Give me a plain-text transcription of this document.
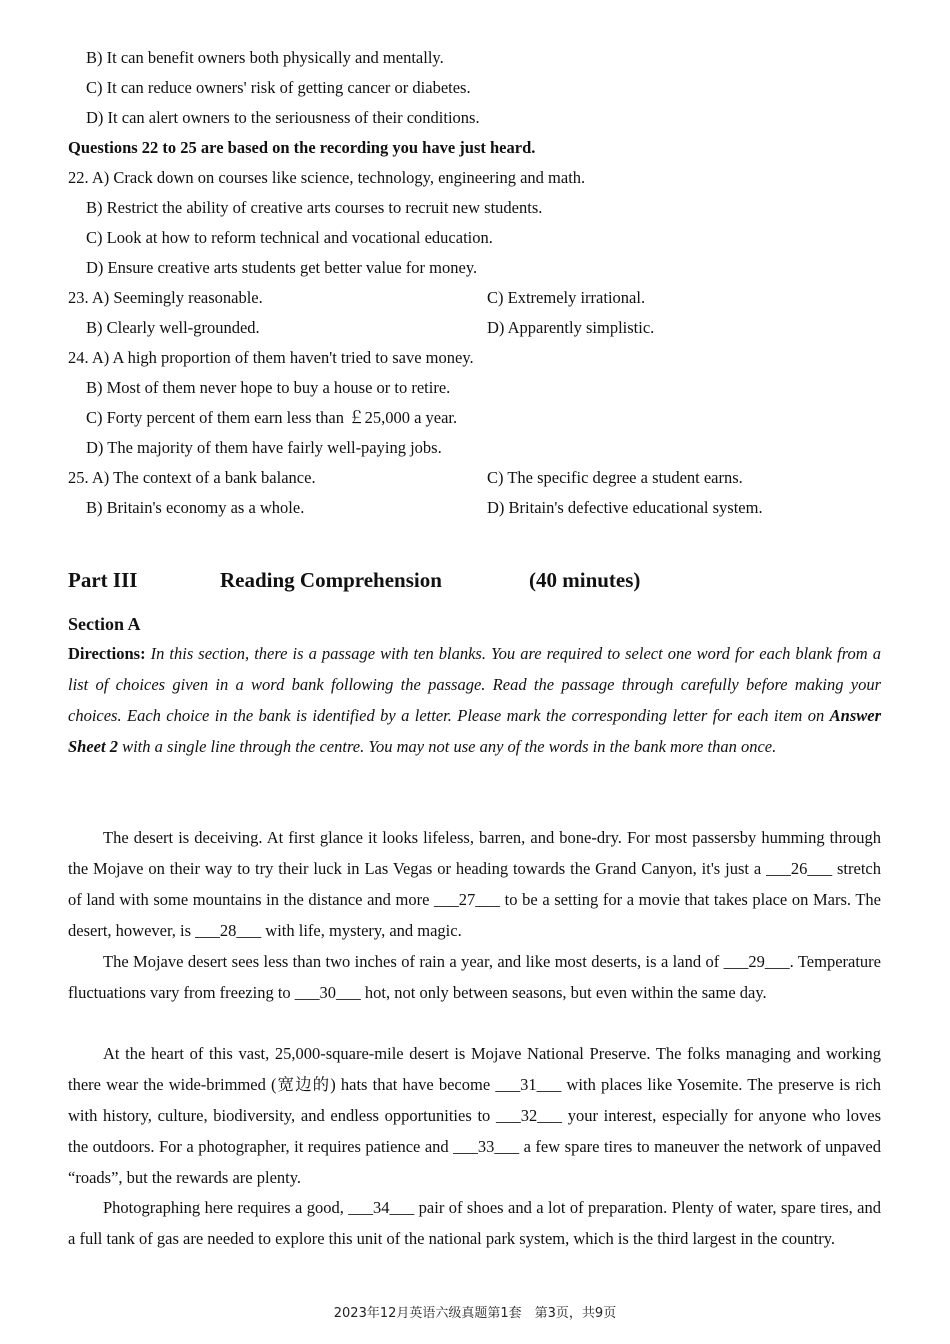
B) It can benefit owners both physically and mentally.
C) It can reduce owners' risk of getting cancer or diabetes.
D) It can alert owners to the seriousness of their conditions.
Questions 22 to 25 are based on the recording you have just heard.
22. A) Crack down on courses like science, technology, engineering and math.
B) Restrict the ability of creative arts courses to recruit new students.
C) Look at how to reform technical and vocational education.
D) Ensure creative arts students get better value for money.
23. A) Seemingly reasonable.	C) Extremely irrational.
B) Clearly well-grounded.	D) Apparently simplistic.
24. A) A high proportion of them haven't tried to save money.
B) Most of them never hope to buy a house or to retire.
C) Forty percent of them earn less than ￡25,000 a year.
D) The majority of them have fairly well-paying jobs.
25. A) The context of a bank balance.	C) The specific degree a student earns.
B) Britain's economy as a whole.	D) Britain's defective educational system.
Part III	Reading Comprehension	(40 minutes)
Section A
Directions: In this section, there is a passage with ten blanks. You are required to select one word for each blank from a list of choices given in a word bank following the passage. Read the passage through carefully before making your choices. Each choice in the bank is identified by a letter. Please mark the corresponding letter for each item on Answer Sheet 2 with a single line through the centre. You may not use any of the words in the bank more than once.
The desert is deceiving. At first glance it looks lifeless, barren, and bone-dry. For most passersby humming through the Mojave on their way to try their luck in Las Vegas or heading towards the Grand Canyon, it's just a ___26___ stretch of land with some mountains in the distance and more ___27___ to be a setting for a movie that takes place on Mars. The desert, however, is ___28___ with life, mystery, and magic.
The Mojave desert sees less than two inches of rain a year, and like most deserts, is a land of ___29___. Temperature fluctuations vary from freezing to ___30___ hot, not only between seasons, but even within the same day.
At the heart of this vast, 25,000-square-mile desert is Mojave National Preserve. The folks managing and working there wear the wide-brimmed (宽边的) hats that have become ___31___ with places like Yosemite. The preserve is rich with history, culture, biodiversity, and endless opportunities to ___32___ your interest, especially for anyone who loves the outdoors. For a photographer, it requires patience and ___33___ a few spare tires to maneuver the network of unpaved “roads”, but the rewards are plenty.
Photographing here requires a good, ___34___ pair of shoes and a lot of preparation. Plenty of water, spare tires, and a full tank of gas are needed to explore this unit of the national park system, which is the third largest in the country.
2023年12月英语六级真题第1套　第3页，共9页
